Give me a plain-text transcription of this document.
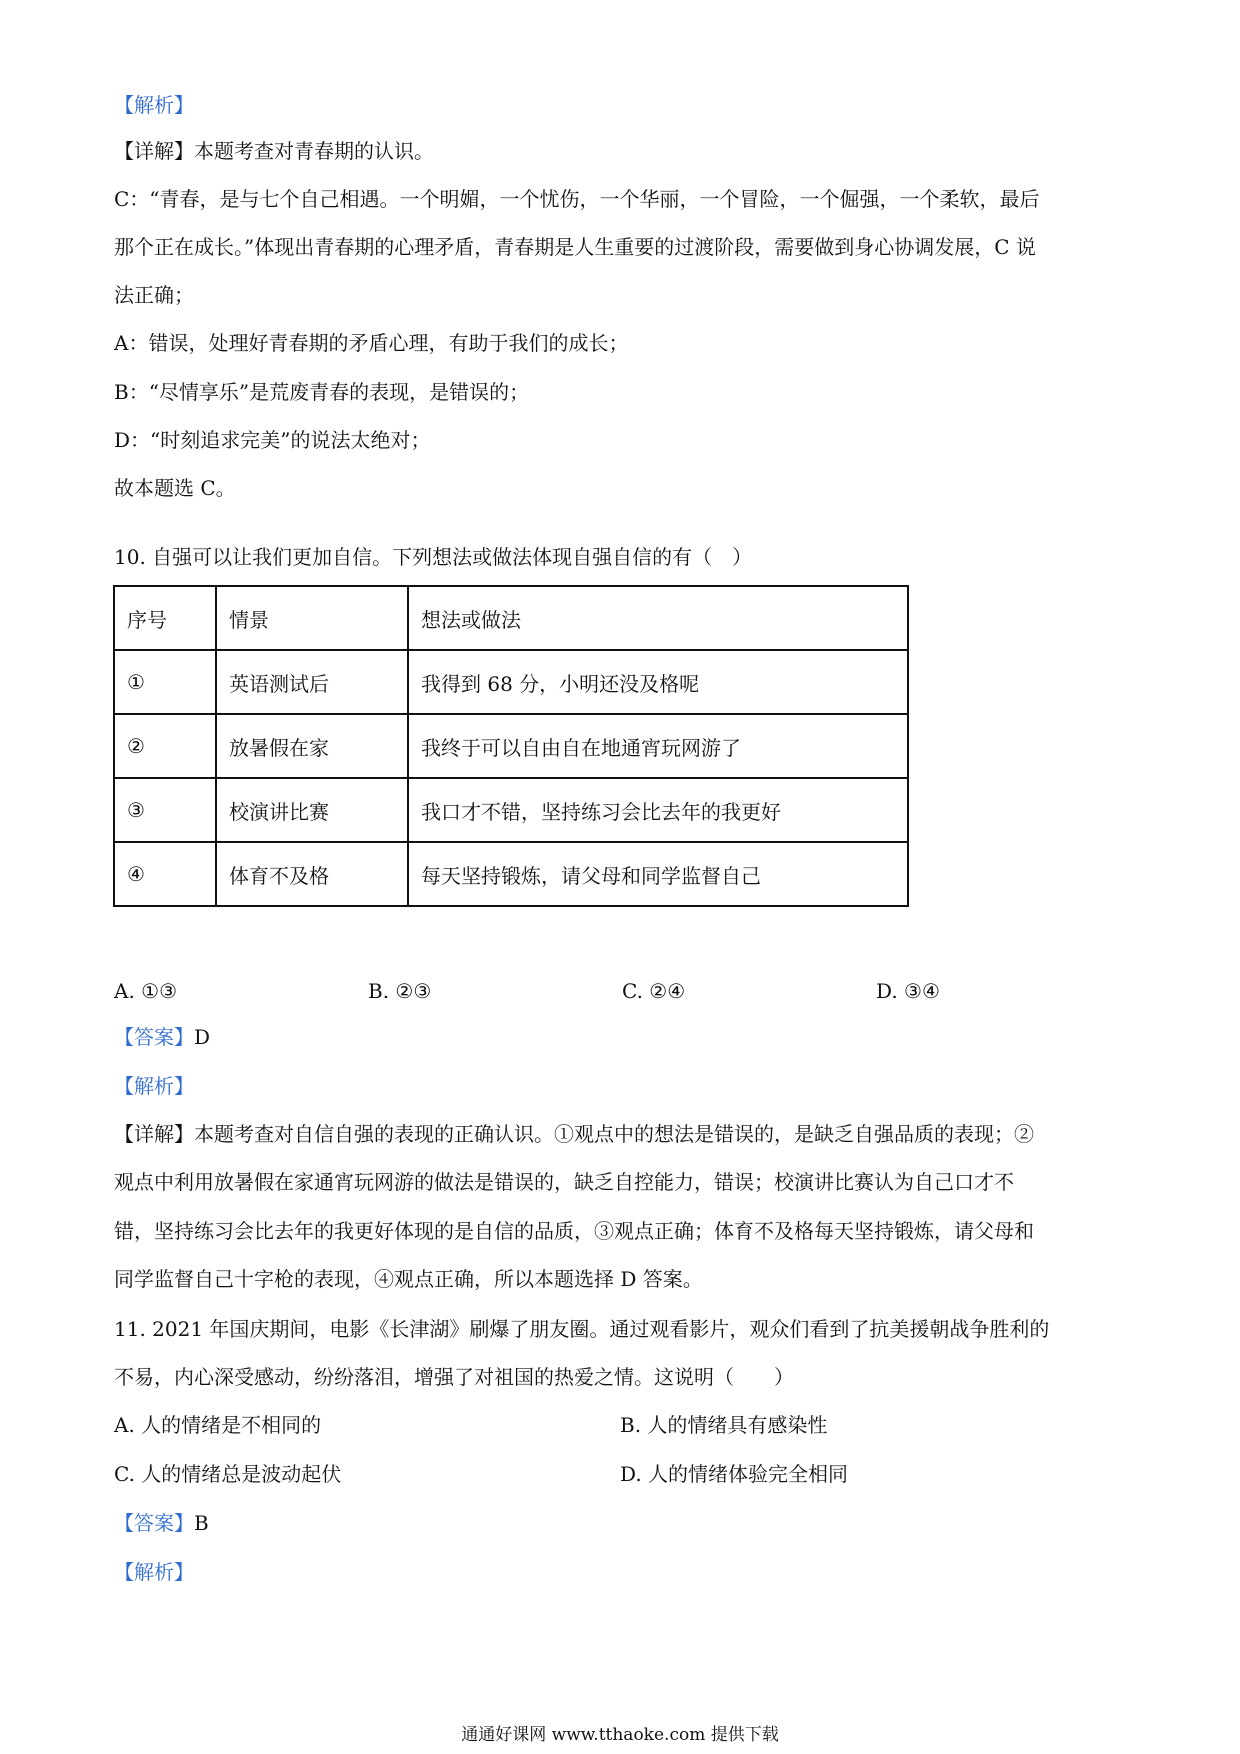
【解析】
【详解】本题考查对青春期的认识。
C：“青春，是与七个自己相遇。一个明媚，一个忧伤，一个华丽，一个冒险，一个倔强，一个柔软，最后
那个正在成长。”体现出青春期的心理矛盾，青春期是人生重要的过渡阶段，需要做到身心协调发展，C 说
法正确；
A：错误，处理好青春期的矛盾心理，有助于我们的成长；
B：“尽情享乐”是荒废青春的表现，是错误的；
D：“时刻追求完美”的说法太绝对；
故本题选 C。
10. 自强可以让我们更加自信。下列想法或做法体现自强自信的有（　）
序号	情景	想法或做法
①	英语测试后	我得到 68 分，小明还没及格呢
②	放暑假在家	我终于可以自由自在地通宵玩网游了
③	校演讲比赛	我口才不错，坚持练习会比去年的我更好
④	体育不及格	每天坚持锻炼，请父母和同学监督自己
A. ①③	B. ②③	C. ②④	D. ③④
【答案】D
【解析】
【详解】本题考查对自信自强的表现的正确认识。①观点中的想法是错误的，是缺乏自强品质的表现；②
观点中利用放暑假在家通宵玩网游的做法是错误的，缺乏自控能力，错误；校演讲比赛认为自己口才不
错，坚持练习会比去年的我更好体现的是自信的品质，③观点正确；体育不及格每天坚持锻炼，请父母和
同学监督自己十字枪的表现，④观点正确，所以本题选择 D 答案。
11. 2021 年国庆期间，电影《长津湖》刷爆了朋友圈。通过观看影片，观众们看到了抗美援朝战争胜利的
不易，内心深受感动，纷纷落泪，增强了对祖国的热爱之情。这说明（　　）
A. 人的情绪是不相同的	B. 人的情绪具有感染性
C. 人的情绪总是波动起伏	D. 人的情绪体验完全相同
【答案】B
【解析】
通通好课网 www.tthaoke.com 提供下载
